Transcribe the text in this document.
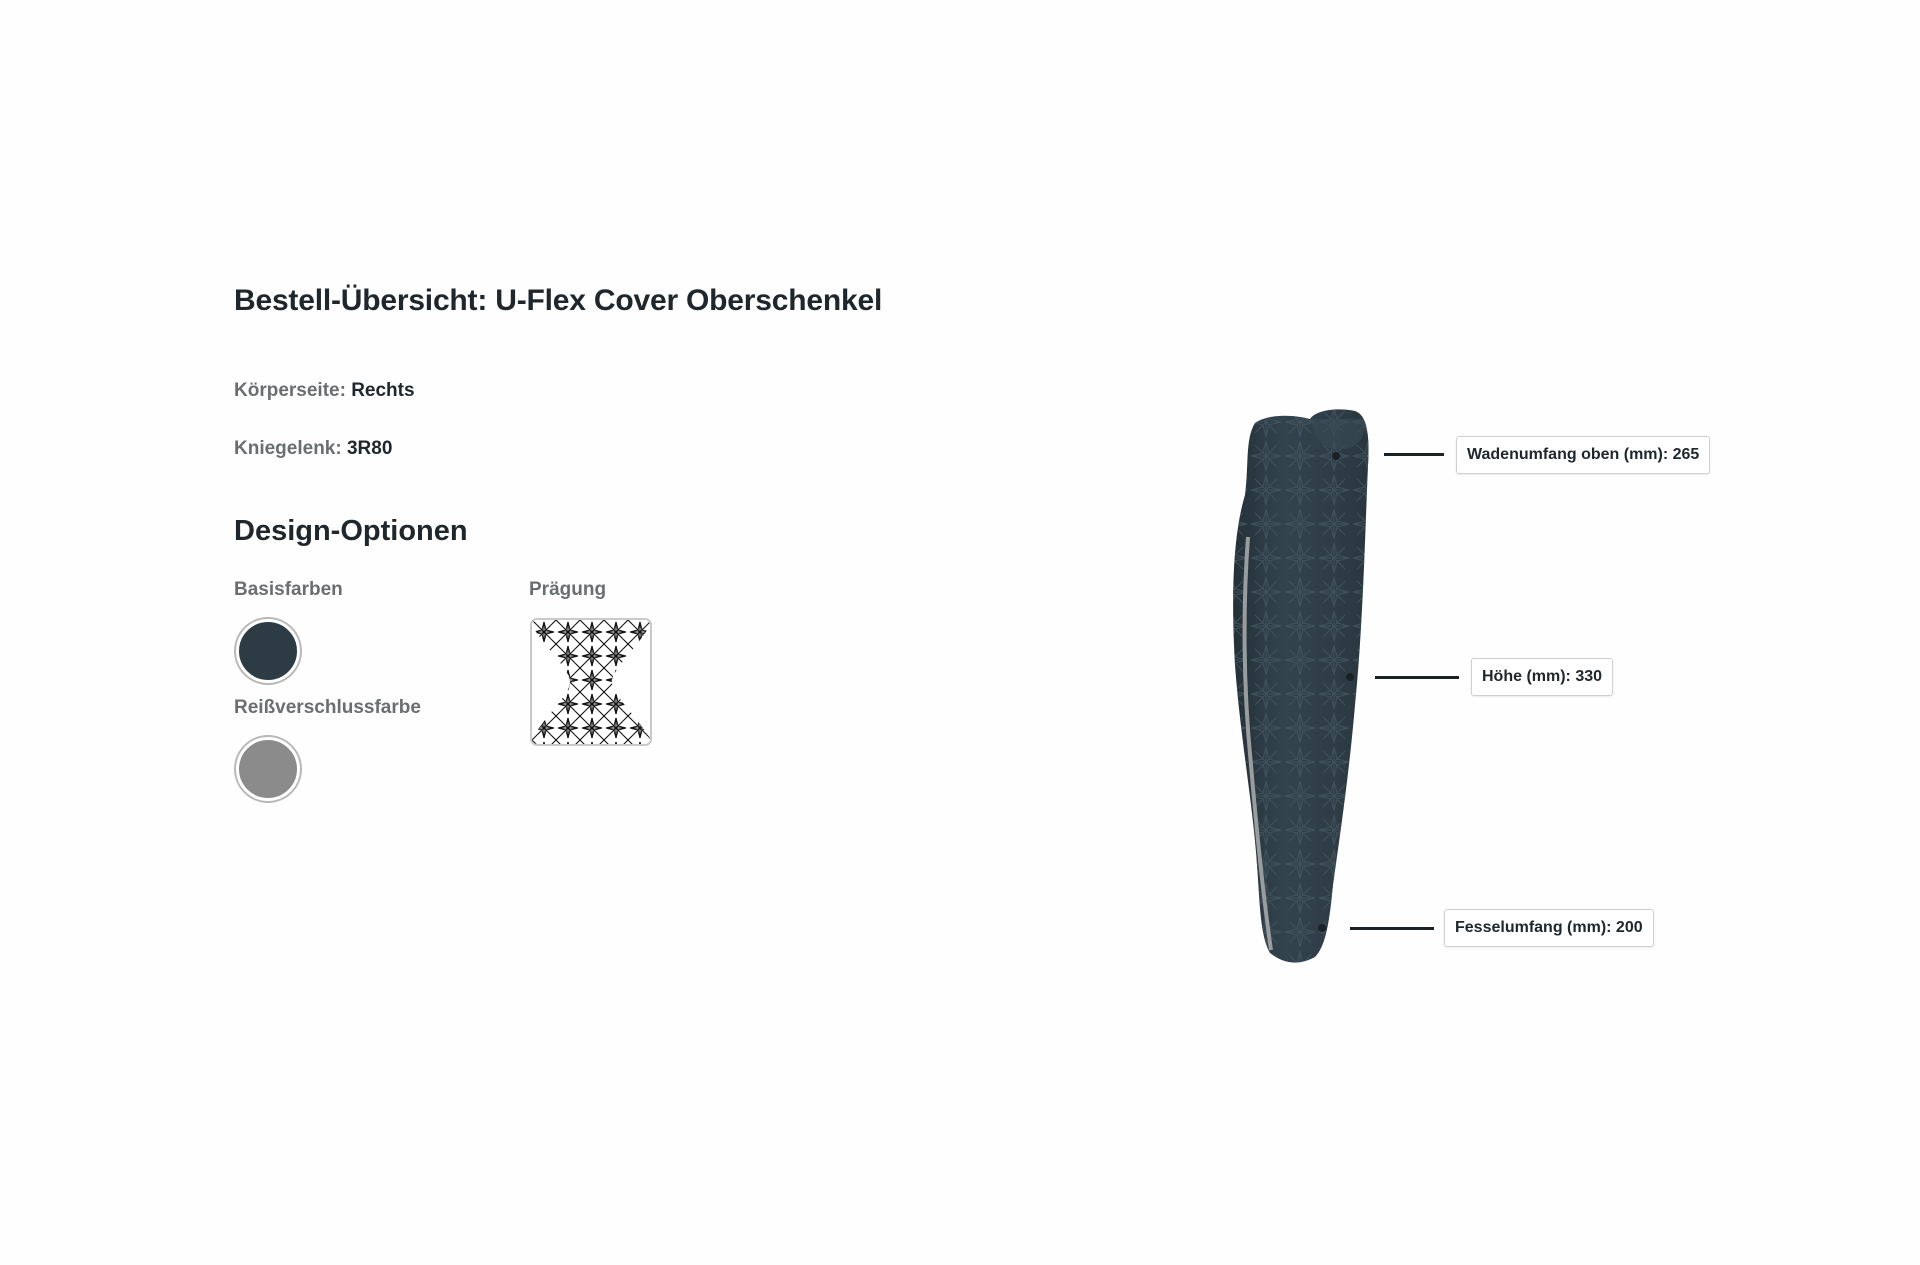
Bestell-Übersicht: U-Flex Cover Oberschenkel
Körperseite: Rechts
Kniegelenk: 3R80
Design-Optionen
Basisfarben
Reißverschlussfarbe
Prägung
Wadenumfang oben (mm): 265
Höhe (mm): 330
Fesselumfang (mm): 200
